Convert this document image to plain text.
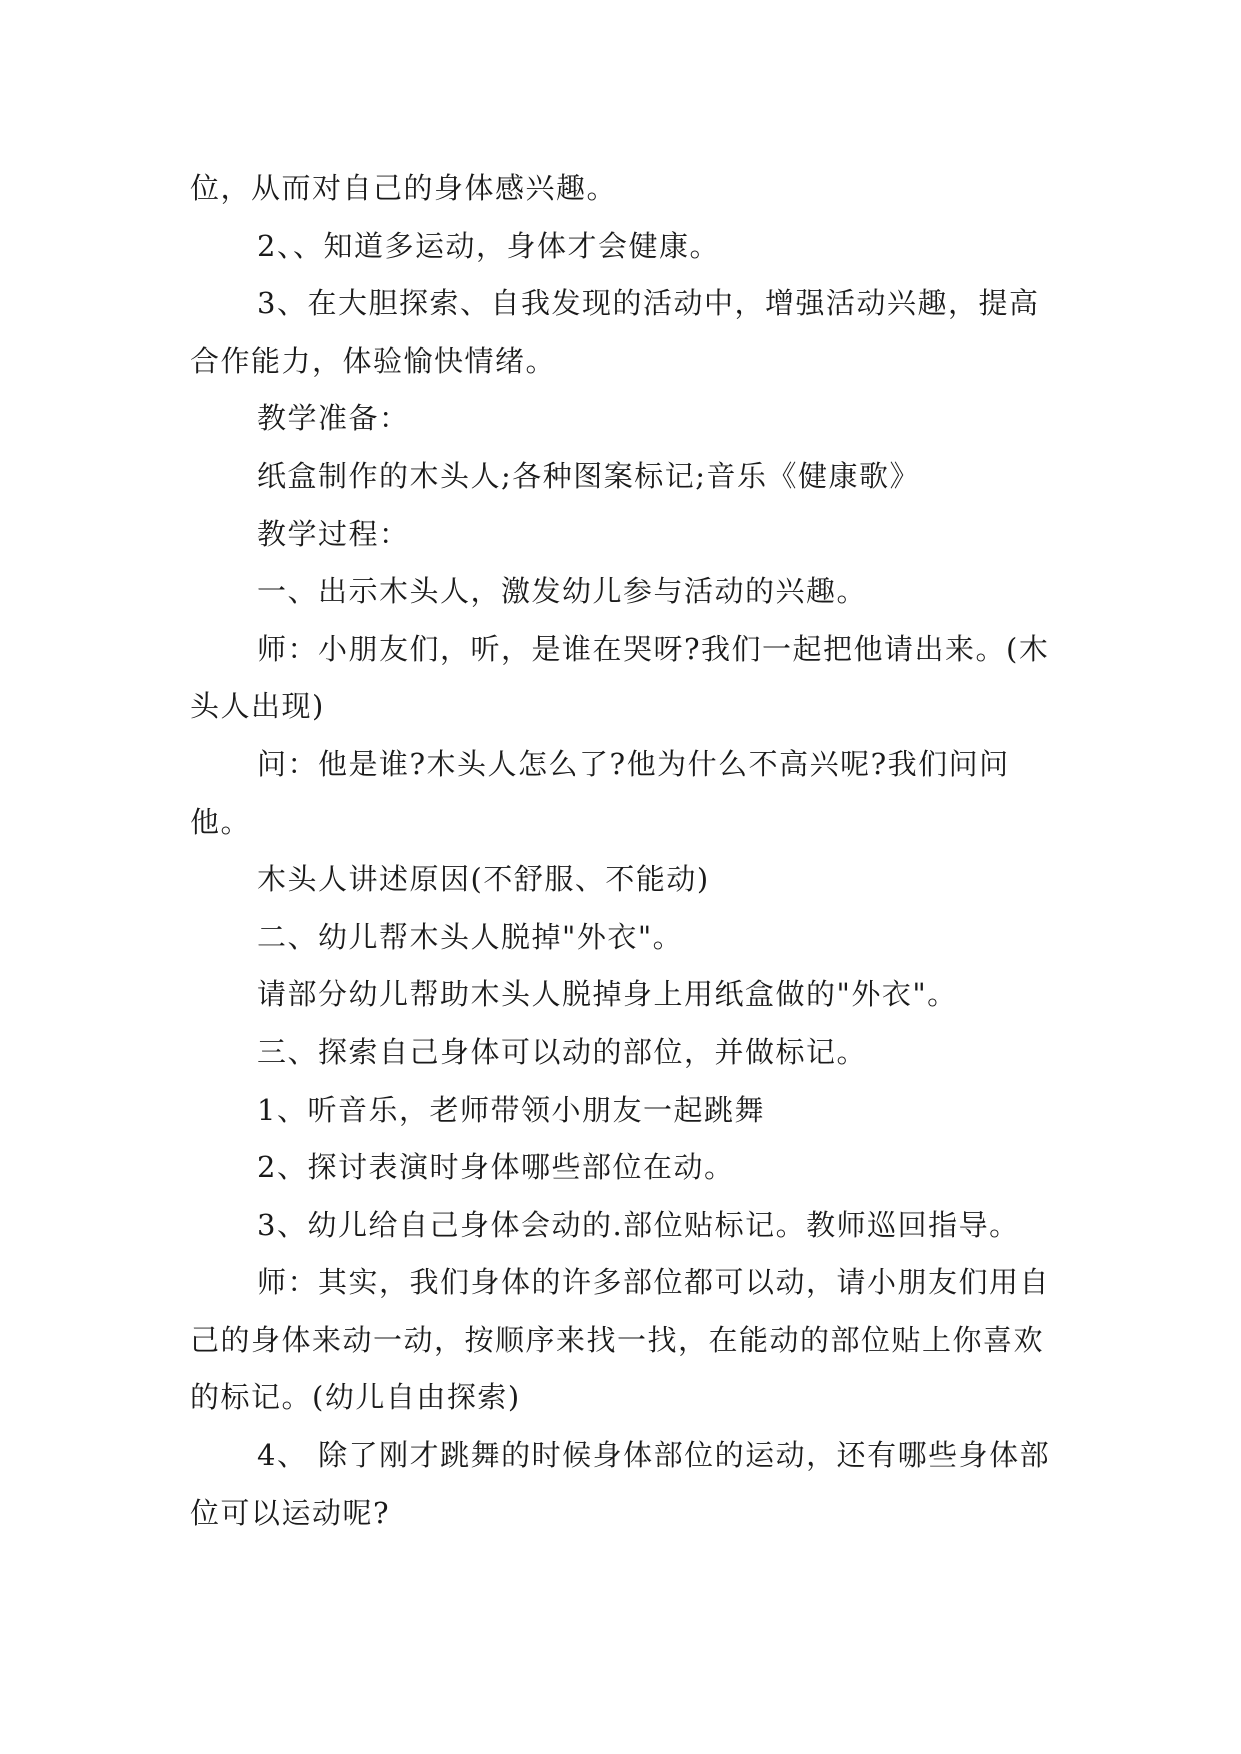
位，从而对自己的身体感兴趣。

2、、知道多运动，身体才会健康。

3、在大胆探索、自我发现的活动中，增强活动兴趣，提高合作能力，体验愉快情绪。

教学准备：

纸盒制作的木头人;各种图案标记;音乐《健康歌》

教学过程：

一、出示木头人，激发幼儿参与活动的兴趣。

师：小朋友们，听，是谁在哭呀?我们一起把他请出来。(木头人出现)

问：他是谁?木头人怎么了?他为什么不高兴呢?我们问问他。

木头人讲述原因(不舒服、不能动)

二、幼儿帮木头人脱掉"外衣"。

请部分幼儿帮助木头人脱掉身上用纸盒做的"外衣"。

三、探索自己身体可以动的部位，并做标记。

1、听音乐，老师带领小朋友一起跳舞

2、探讨表演时身体哪些部位在动。

3、幼儿给自己身体会动的.部位贴标记。教师巡回指导。

师：其实，我们身体的许多部位都可以动，请小朋友们用自己的身体来动一动，按顺序来找一找，在能动的部位贴上你喜欢的标记。(幼儿自由探索)

4、 除了刚才跳舞的时候身体部位的运动，还有哪些身体部位可以运动呢?
